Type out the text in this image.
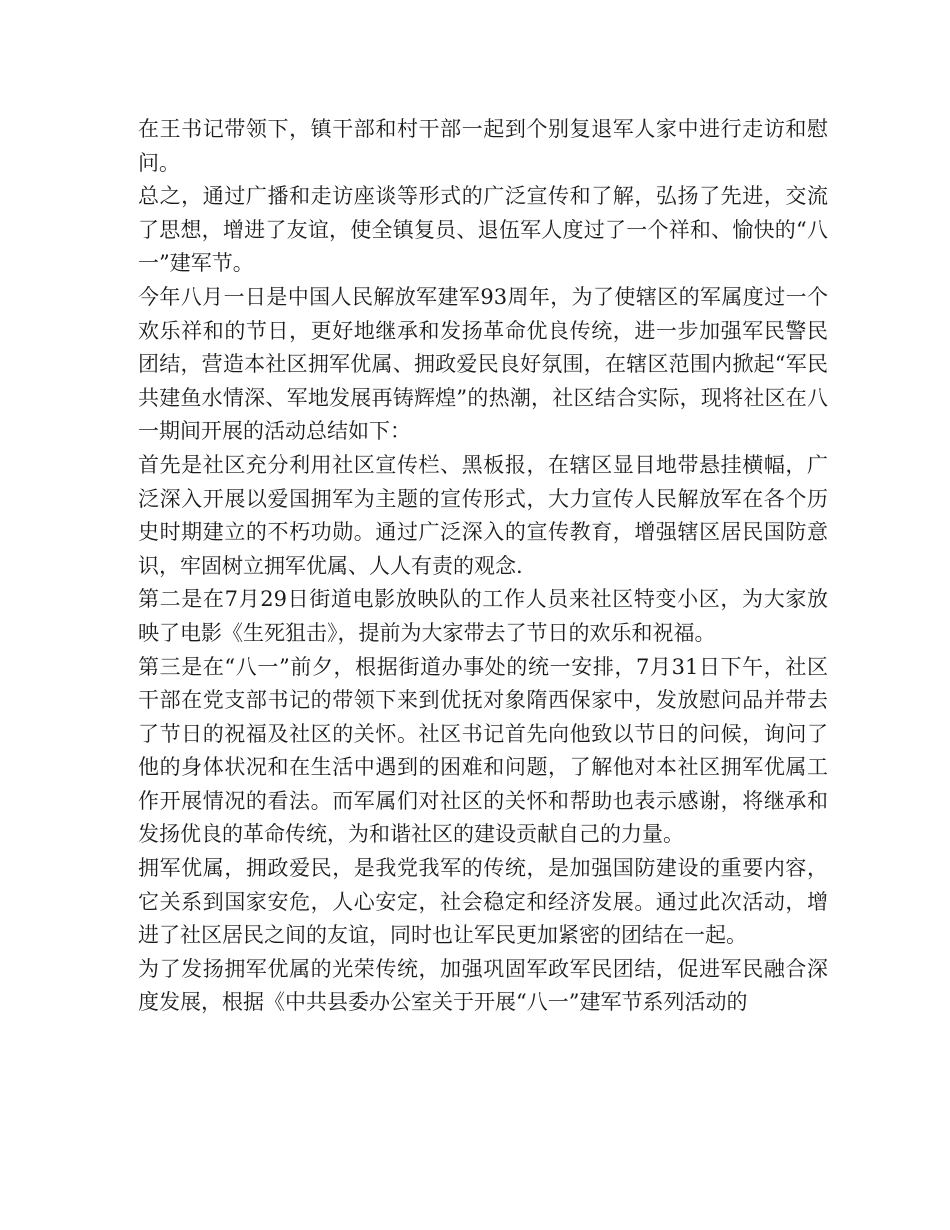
在王书记带领下，镇干部和村干部一起到个别复退军人家中进行走访和慰问。

总之，通过广播和走访座谈等形式的广泛宣传和了解，弘扬了先进，交流了思想，增进了友谊，使全镇复员、退伍军人度过了一个祥和、愉快的“八一”建军节。

今年八月一日是中国人民解放军建军93周年，为了使辖区的军属度过一个欢乐祥和的节日，更好地继承和发扬革命优良传统，进一步加强军民警民团结，营造本社区拥军优属、拥政爱民良好氛围，在辖区范围内掀起“军民共建鱼水情深、军地发展再铸辉煌”的热潮，社区结合实际，现将社区在八一期间开展的活动总结如下：

首先是社区充分利用社区宣传栏、黑板报，在辖区显目地带悬挂横幅，广泛深入开展以爱国拥军为主题的宣传形式，大力宣传人民解放军在各个历史时期建立的不朽功勋。通过广泛深入的宣传教育，增强辖区居民国防意识，牢固树立拥军优属、人人有责的观念.

第二是在7月29日街道电影放映队的工作人员来社区特变小区，为大家放映了电影《生死狙击》，提前为大家带去了节日的欢乐和祝福。

第三是在“八一”前夕，根据街道办事处的统一安排，7月31日下午，社区干部在党支部书记的带领下来到优抚对象隋西保家中，发放慰问品并带去了节日的祝福及社区的关怀。社区书记首先向他致以节日的问候，询问了他的身体状况和在生活中遇到的困难和问题，了解他对本社区拥军优属工作开展情况的看法。而军属们对社区的关怀和帮助也表示感谢，将继承和发扬优良的革命传统，为和谐社区的建设贡献自己的力量。

拥军优属，拥政爱民，是我党我军的传统，是加强国防建设的重要内容，它关系到国家安危，人心安定，社会稳定和经济发展。通过此次活动，增进了社区居民之间的友谊，同时也让军民更加紧密的团结在一起。

为了发扬拥军优属的光荣传统，加强巩固军政军民团结，促进军民融合深度发展，根据《中共县委办公室关于开展“八一”建军节系列活动的
